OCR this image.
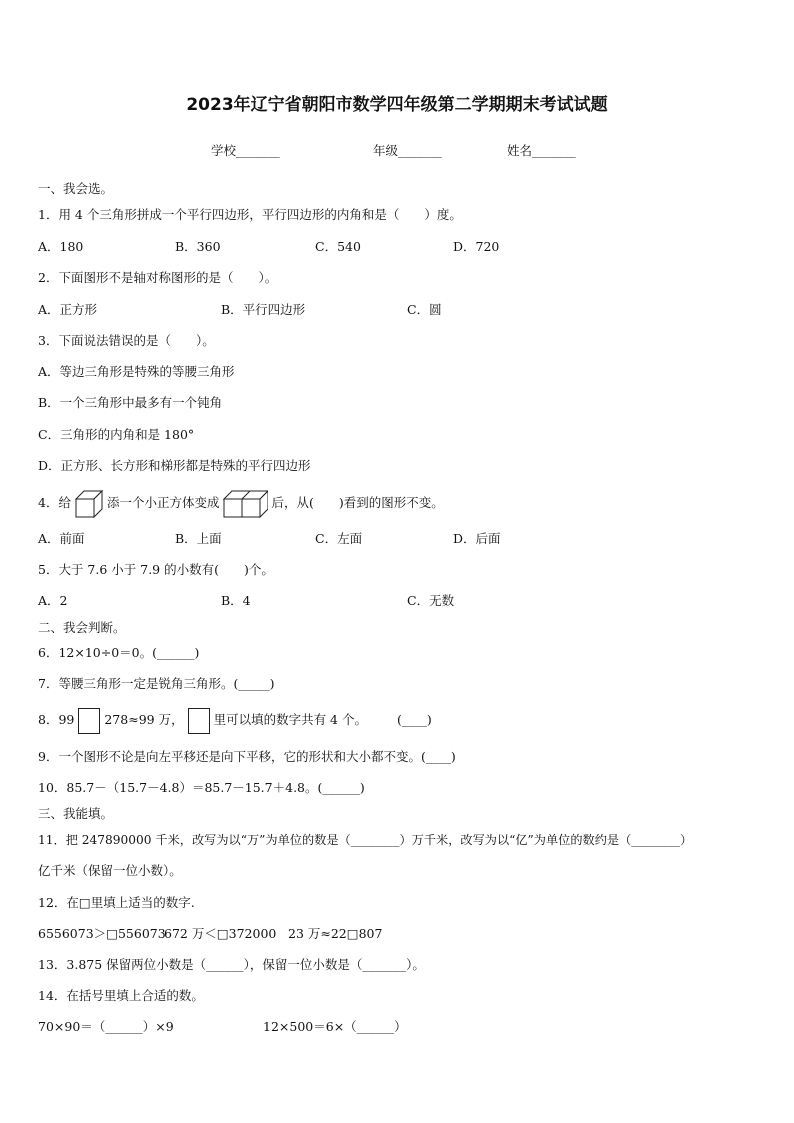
2023年辽宁省朝阳市数学四年级第二学期期末考试试题
学校_______	年级_______	姓名_______
一、我会选。
1．用 4 个三角形拼成一个平行四边形，平行四边形的内角和是（　　）度。
A．180	B．360	C．540	D．720
2．下面图形不是轴对称图形的是（　　）。
A．正方形	B．平行四边形	C．圆
3．下面说法错误的是（　　）。
A．等边三角形是特殊的等腰三角形
B．一个三角形中最多有一个钝角
C．三角形的内角和是 180°
D．正方形、长方形和梯形都是特殊的平行四边形
4．给	添一个小正方体变成	后，从(　　)看到的图形不变。
A．前面	B．上面	C．左面	D．后面
5．大于 7.6 小于 7.9 的小数有(　　)个。
A．2	B．4	C．无数
二、我会判断。
6．12×10÷0＝0。(______)
7．等腰三角形一定是锐角三角形。(_____)
8．99 278≈99 万， 里可以填的数字共有 4 个。 (____)
9．一个图形不论是向左平移还是向下平移，它的形状和大小都不变。(____)
10．85.7－（15.7－4.8）＝85.7－15.7＋4.8。(______)
三、我能填。
11．把 247890000 千米，改写为以“万”为单位的数是（________）万千米，改写为以“亿”为单位的数约是（________）
亿千米（保留一位小数）。
12．在□里填上适当的数字.
6556073＞□556073672 万＜□372000 23 万≈22□807
13．3.875 保留两位小数是（______），保留一位小数是（_______）。
14．在括号里填上合适的数。
70×90＝（______）×9	12×500＝6×（______）
